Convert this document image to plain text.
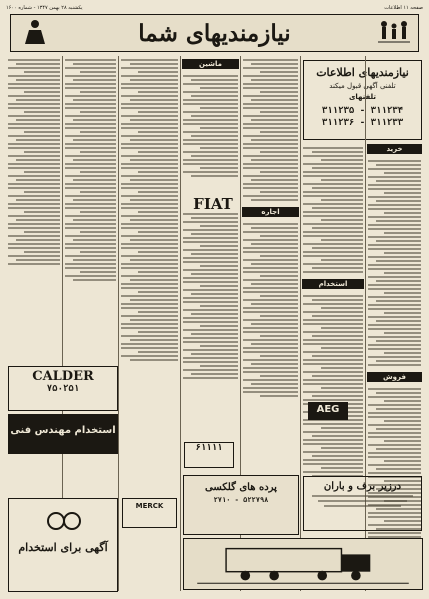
صفحه ۱۱ اطلاعات
یکشنبه ۲۸ بهمن ۱۳۴۷ - شماره ۱۶۰۰
نیازمندیهای شما
نیازمندیهای اطلاعات
تلفنی آگهی قبول میکند
تلفنهای
۳۱۱۲۳۴ - ۳۱۱۲۳۵
۳۱۱۲۳۳ - ۳۱۱۲۳۶
خرید
فروش
استخدام
اجاره
ماشین
FIAT
AEG
۶۱۱۱۱
CALDER
۷۵۰۲۵۱
استخدام مهندس فنی
آگهی برای استخدام
MERCK
پرده های گلکسی
۵۲۲۷۹۸ - ۲۷۱۰
درزیر برف و باران
